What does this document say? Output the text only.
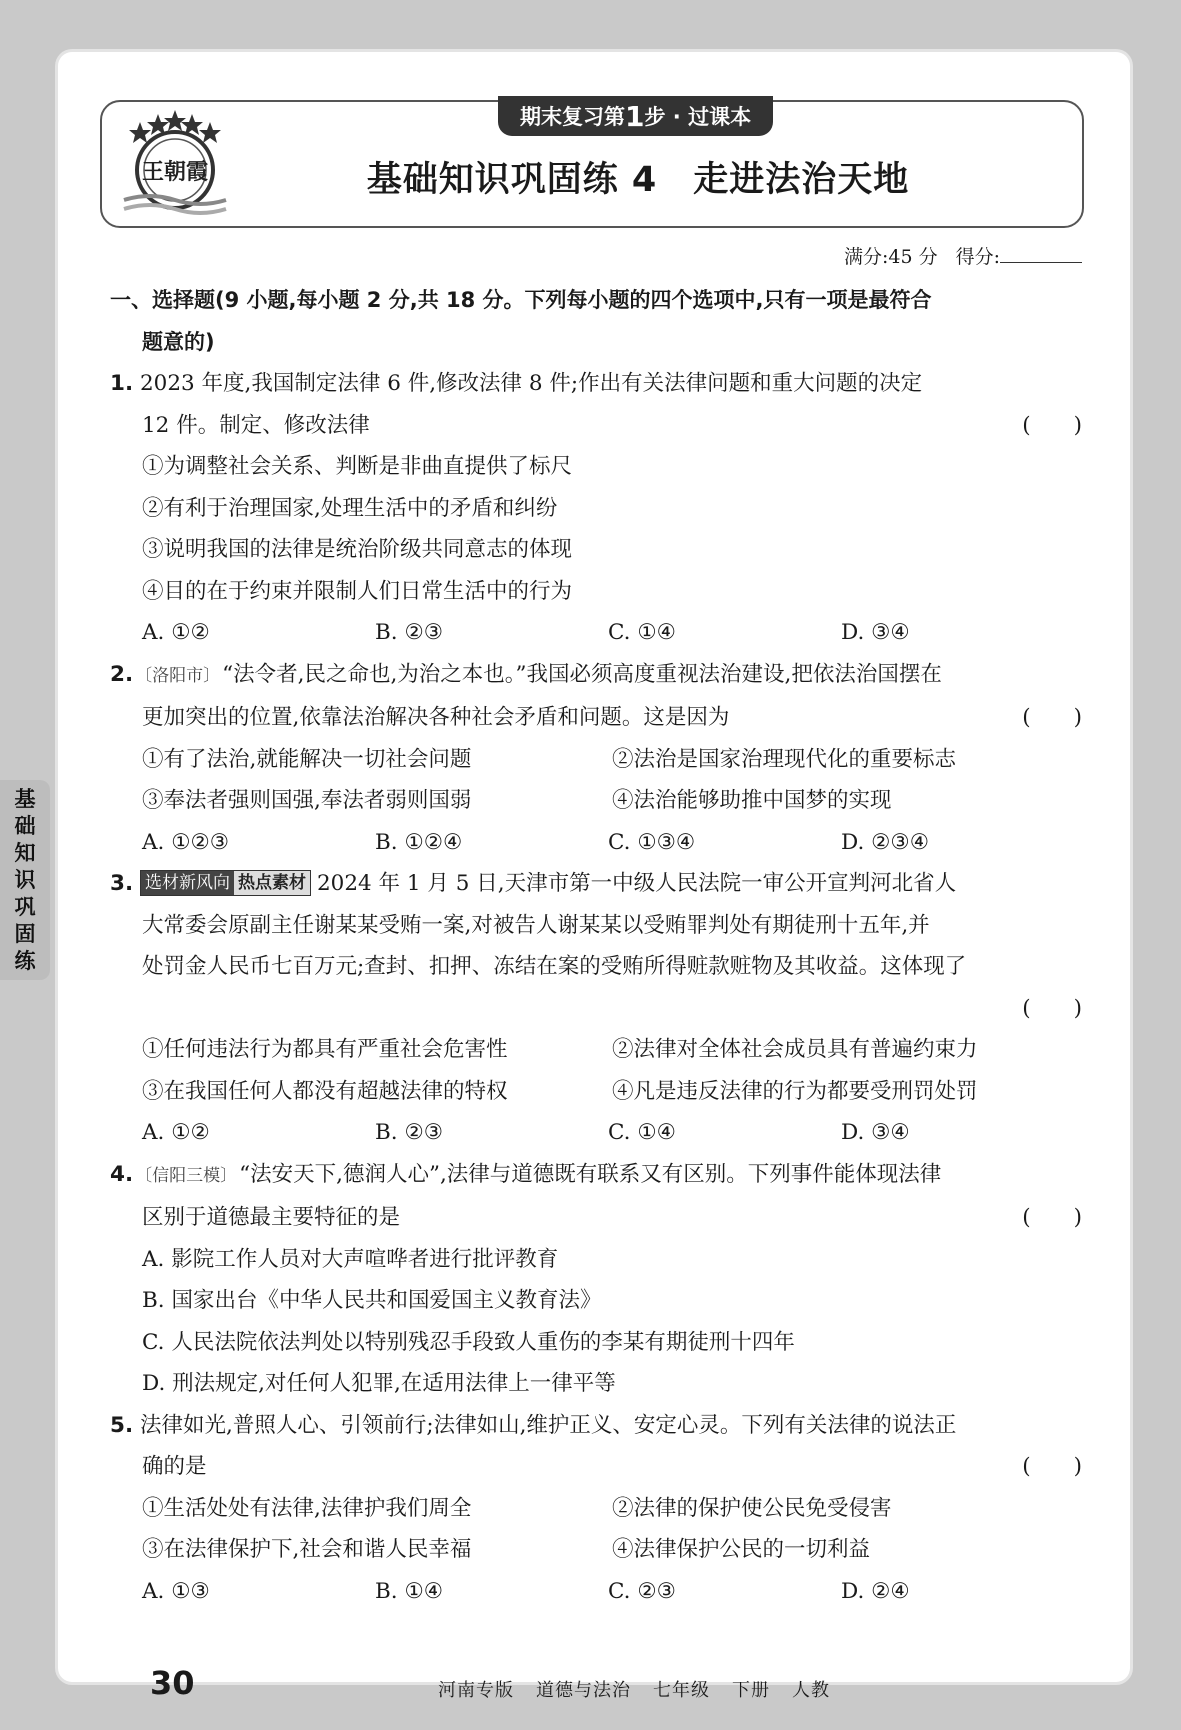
期末复习第 1 步 · 过课本
王朝霞	基础知识巩固练 4　走进法治天地
满分:45 分 得分:
一、选择题(9 小题,每小题 2 分,共 18 分。下列每小题的四个选项中,只有一项是最符合
题意的)
1. 2023 年度,我国制定法律 6 件,修改法律 8 件;作出有关法律问题和重大问题的决定
12 件。制定、修改法律	(　　)
①为调整社会关系、判断是非曲直提供了标尺
②有利于治理国家,处理生活中的矛盾和纠纷
③说明我国的法律是统治阶级共同意志的体现
④目的在于约束并限制人们日常生活中的行为
A. ①②	B. ②③	C. ①④	D. ③④
2. 〔洛阳市〕“法令者,民之命也,为治之本也。”我国必须高度重视法治建设,把依法治国摆在
更加突出的位置,依靠法治解决各种社会矛盾和问题。这是因为	(　　)
①有了法治,就能解决一切社会问题	②法治是国家治理现代化的重要标志
③奉法者强则国强,奉法者弱则国弱	④法治能够助推中国梦的实现
A. ①②③	B. ①②④	C. ①③④	D. ②③④
3. 选材新风向 热点素材 2024 年 1 月 5 日,天津市第一中级人民法院一审公开宣判河北省人
大常委会原副主任谢某某受贿一案,对被告人谢某某以受贿罪判处有期徒刑十五年,并
处罚金人民币七百万元;查封、扣押、冻结在案的受贿所得赃款赃物及其收益。这体现了

(　　)
①任何违法行为都具有严重社会危害性	②法律对全体社会成员具有普遍约束力
③在我国任何人都没有超越法律的特权	④凡是违反法律的行为都要受刑罚处罚
A. ①②	B. ②③	C. ①④	D. ③④
4. 〔信阳三模〕“法安天下,德润人心”,法律与道德既有联系又有区别。下列事件能体现法律
区别于道德最主要特征的是	(　　)
A. 影院工作人员对大声喧哗者进行批评教育
B. 国家出台《中华人民共和国爱国主义教育法》
C. 人民法院依法判处以特别残忍手段致人重伤的李某有期徒刑十四年
D. 刑法规定,对任何人犯罪,在适用法律上一律平等
5. 法律如光,普照人心、引领前行;法律如山,维护正义、安定心灵。下列有关法律的说法正
确的是	(　　)
①生活处处有法律,法律护我们周全	②法律的保护使公民免受侵害
③在法律保护下,社会和谐人民幸福	④法律保护公民的一切利益
A. ①③	B. ①④	C. ②③	D. ②④
30	河南专版 道德与法治 七年级 下册 人教
基
础
知
识
巩
固
练
